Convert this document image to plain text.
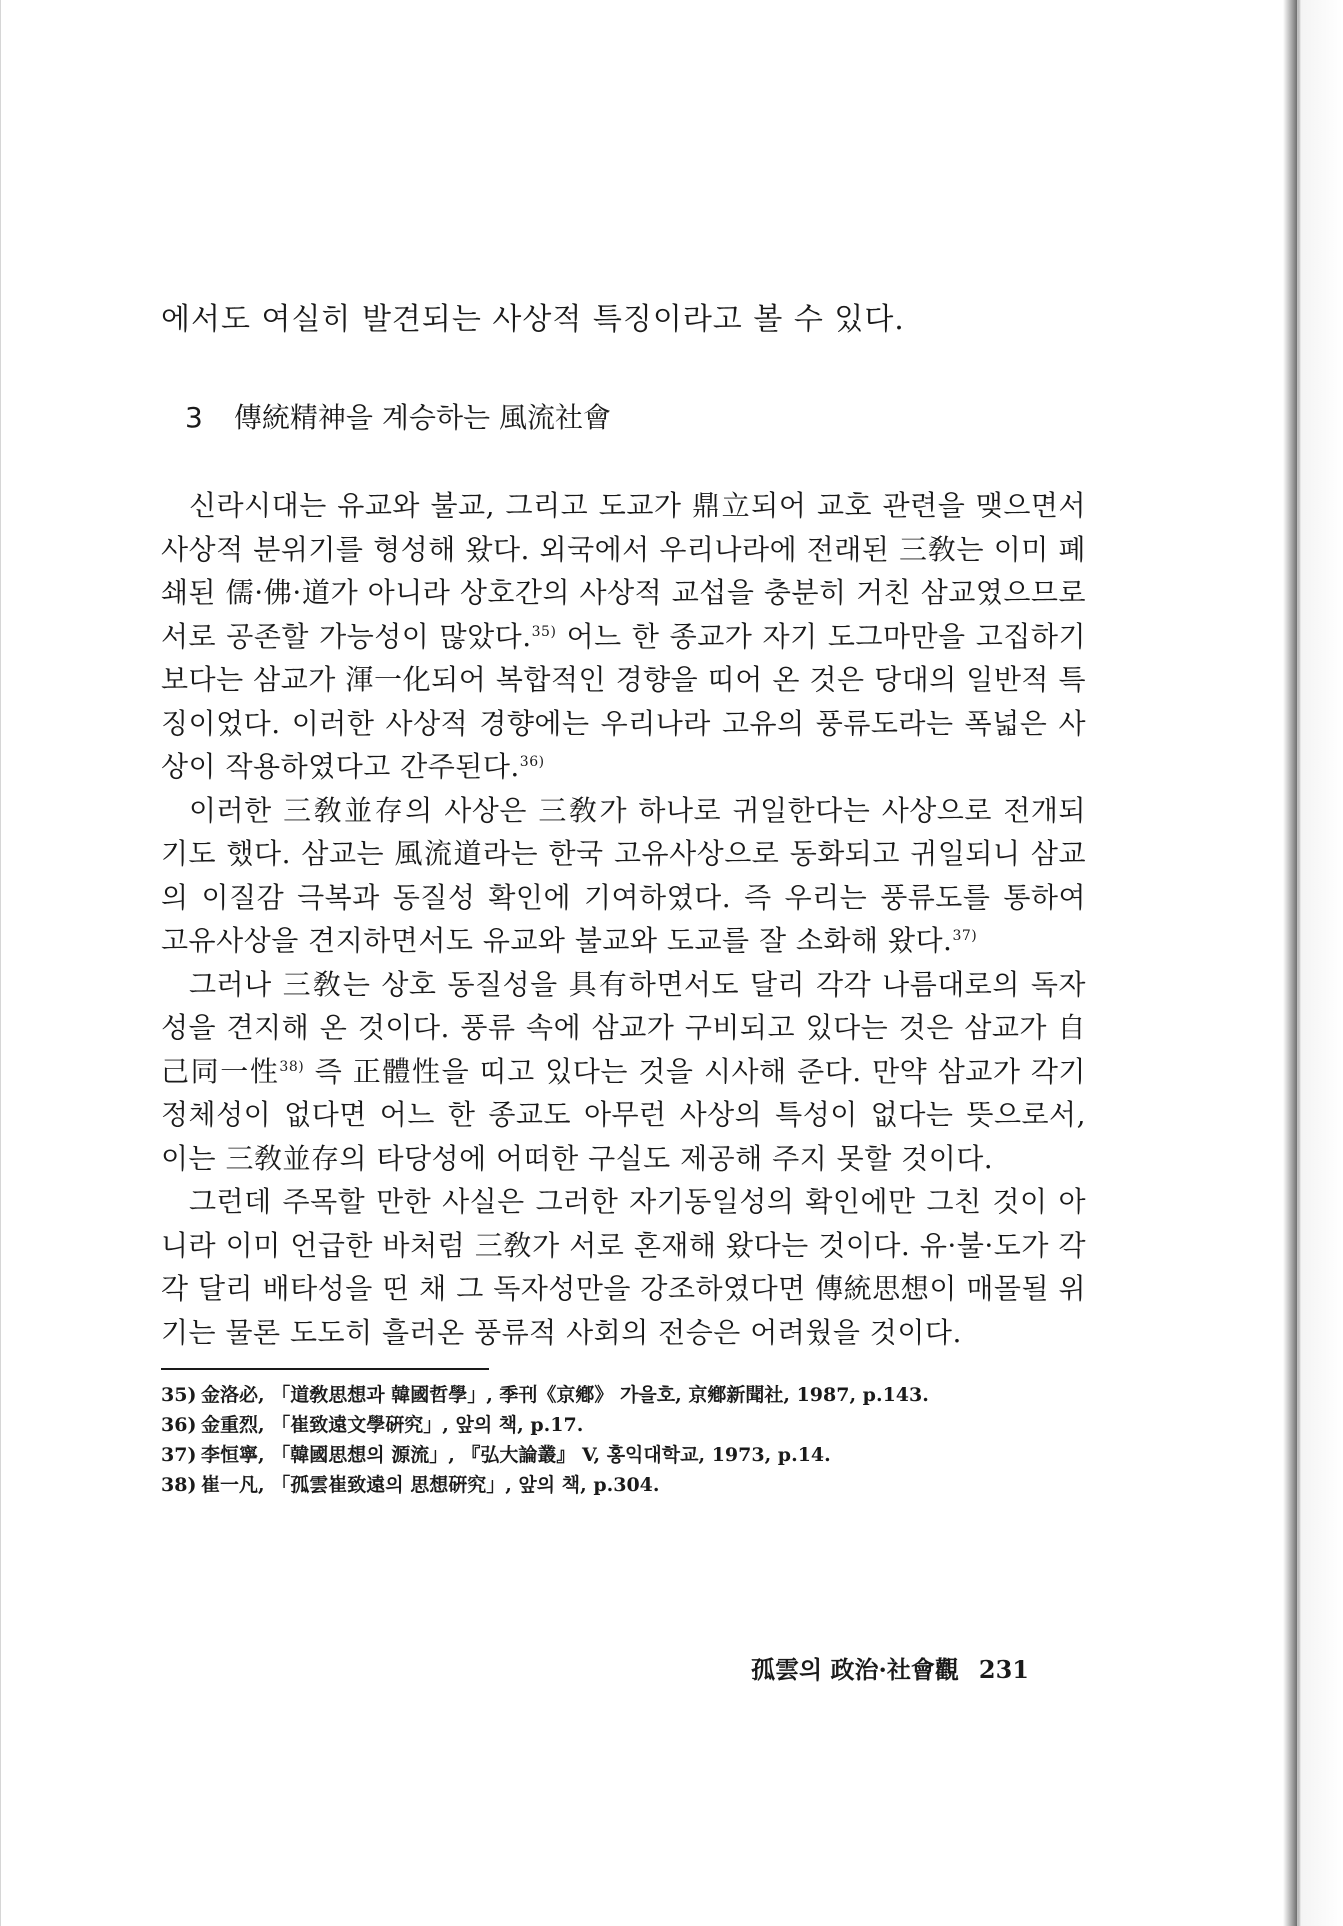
에서도 여실히 발견되는 사상적 특징이라고 볼 수 있다.

3 傳統精神을 계승하는 風流社會

신라시대는 유교와 불교, 그리고 도교가 鼎立되어 교호 관련을 맺으면서 사상적 분위기를 형성해 왔다. 외국에서 우리나라에 전래된 三敎는 이미 폐쇄된 儒·佛·道가 아니라 상호간의 사상적 교섭을 충분히 거친 삼교였으므로 서로 공존할 가능성이 많았다.$^{35)}$ 어느 한 종교가 자기 도그마만을 고집하기보다는 삼교가 渾一化되어 복합적인 경향을 띠어 온 것은 당대의 일반적 특징이었다. 이러한 사상적 경향에는 우리나라 고유의 풍류도라는 폭넓은 사상이 작용하였다고 간주된다.$^{36)}$

이러한 三敎並存의 사상은 三敎가 하나로 귀일한다는 사상으로 전개되기도 했다. 삼교는 風流道라는 한국 고유사상으로 동화되고 귀일되니 삼교의 이질감 극복과 동질성 확인에 기여하였다. 즉 우리는 풍류도를 통하여 고유사상을 견지하면서도 유교와 불교와 도교를 잘 소화해 왔다.$^{37)}$

그러나 三敎는 상호 동질성을 具有하면서도 달리 각각 나름대로의 독자성을 견지해 온 것이다. 풍류 속에 삼교가 구비되고 있다는 것은 삼교가 自己同一性$^{38)}$ 즉 正體性을 띠고 있다는 것을 시사해 준다. 만약 삼교가 각기 정체성이 없다면 어느 한 종교도 아무런 사상의 특성이 없다는 뜻으로서, 이는 三敎並存의 타당성에 어떠한 구실도 제공해 주지 못할 것이다.

그런데 주목할 만한 사실은 그러한 자기동일성의 확인에만 그친 것이 아니라 이미 언급한 바처럼 三敎가 서로 혼재해 왔다는 것이다. 유·불·도가 각각 달리 배타성을 띤 채 그 독자성만을 강조하였다면 傳統思想이 매몰될 위기는 물론 도도히 흘러온 풍류적 사회의 전승은 어려웠을 것이다.

35) 金洛必, 「道敎思想과 韓國哲學」, 季刊《京鄕》 가을호, 京鄕新聞社, 1987, p.143.
36) 金重烈, 「崔致遠文學硏究」, 앞의 책, p.17.
37) 李恒寧, 「韓國思想의 源流」, 『弘大論叢』 V, 홍익대학교, 1973, p.14.
38) 崔一凡, 「孤雲崔致遠의 思想硏究」, 앞의 책, p.304.
孤雲의 政治·社會觀 231
